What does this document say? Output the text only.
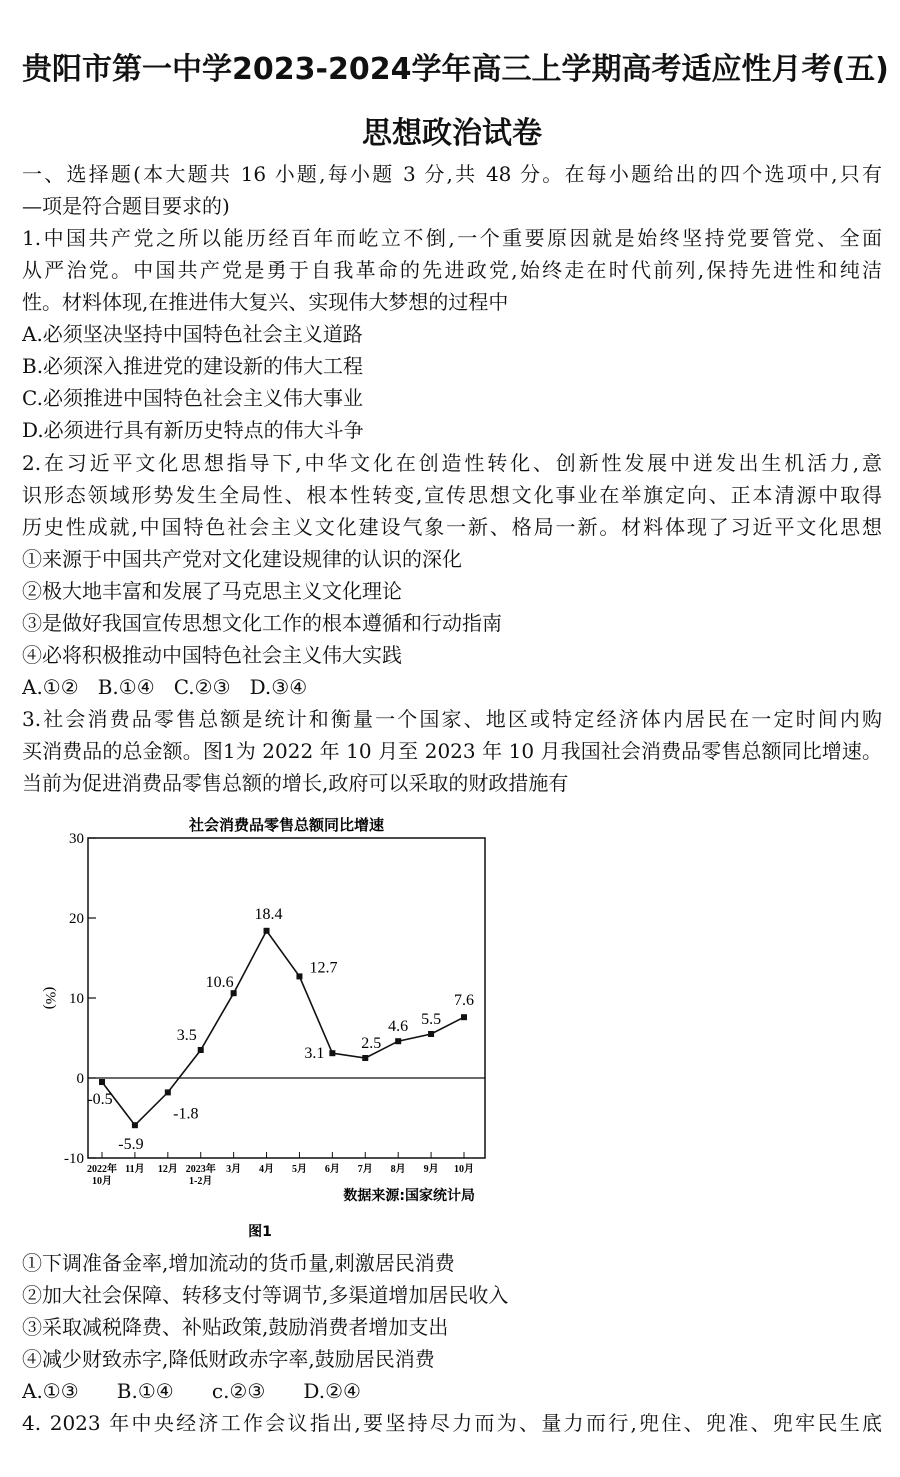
贵阳市第一中学2023-2024学年高三上学期高考适应性月考(五)
思想政治试卷
一、选择题(本大题共 16 小题,每小题 3 分,共 48 分。在每小题给出的四个选项中,只有
—项是符合题目要求的)
1.中国共产党之所以能历经百年而屹立不倒,一个重要原因就是始终坚持党要管党、全面
从严治党。中国共产党是勇于自我革命的先进政党,始终走在时代前列,保持先进性和纯洁
性。材料体现,在推进伟大复兴、实现伟大梦想的过程中
A.必须坚决坚持中国特色社会主义道路
B.必须深入推进党的建设新的伟大工程
C.必须推进中国特色社会主义伟大事业
D.必须进行具有新历史特点的伟大斗争
2.在习近平文化思想指导下,中华文化在创造性转化、创新性发展中迸发出生机活力,意
识形态领域形势发生全局性、根本性转变,宣传思想文化事业在举旗定向、正本清源中取得
历史性成就,中国特色社会主义文化建设气象一新、格局一新。材料体现了习近平文化思想
①来源于中国共产党对文化建设规律的认识的深化
②极大地丰富和发展了马克思主义文化理论
③是做好我国宣传思想文化工作的根本遵循和行动指南
④必将积极推动中国特色社会主义伟大实践
A.①②   B.①④   C.②③   D.③④
3.社会消费品零售总额是统计和衡量一个国家、地区或特定经济体内居民在一定时间内购
买消费品的总金额。图1为 2022 年 10 月至 2023 年 10 月我国社会消费品零售总额同比增速。
当前为促进消费品零售总额的增长,政府可以采取的财政措施有
①下调准备金率,增加流动的货币量,刺激居民消费
②加大社会保障、转移支付等调节,多渠道增加居民收入
③采取减税降费、补贴政策,鼓励消费者增加支出
④减少财致赤字,降低财政赤字率,鼓励居民消费
A.①③      B.①④      c.②③      D.②④
4. 2023 年中央经济工作会议指出,要坚持尽力而为、量力而行,兜住、兜准、兜牢民生底
社会消费品零售总额同比增速
(%)
30
20
10
0
-10
2022年
10月
11月 12月 2023年
1-2月
3月 4月 5月 6月 7月 8月 9月 10月
-0.5
-5.9
-1.8
3.5
10.6
18.4
12.7
3.1
2.5
4.6 5.5
7.6
数据来源:国家统计局
图1
